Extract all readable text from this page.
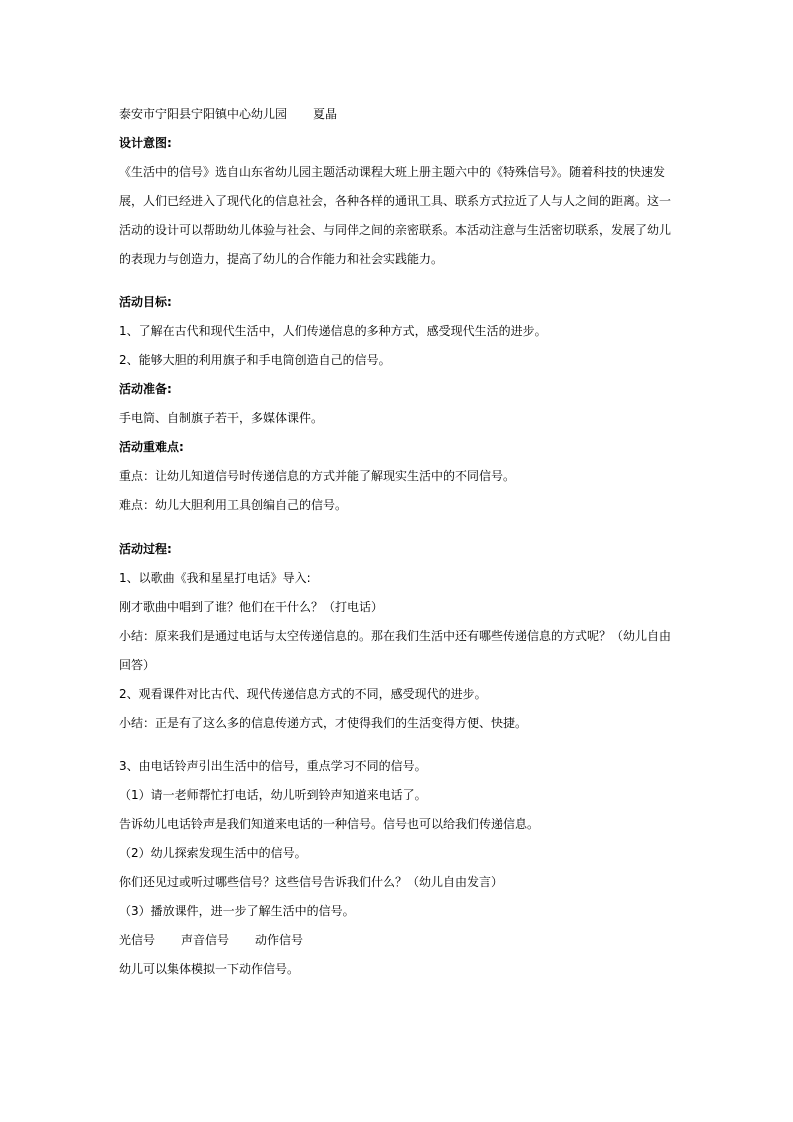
泰安市宁阳县宁阳镇中心幼儿园 夏晶
设计意图:
《生活中的信号》选自山东省幼儿园主题活动课程大班上册主题六中的《特殊信号》。随着科技的快速发
展，人们已经进入了现代化的信息社会，各种各样的通讯工具、联系方式拉近了人与人之间的距离。这一
活动的设计可以帮助幼儿体验与社会、与同伴之间的亲密联系。本活动注意与生活密切联系，发展了幼儿
的表现力与创造力，提高了幼儿的合作能力和社会实践能力。
活动目标:
1、了解在古代和现代生活中，人们传递信息的多种方式，感受现代生活的进步。
2、能够大胆的利用旗子和手电筒创造自己的信号。
活动准备:
手电筒、自制旗子若干，多媒体课件。
活动重难点:
重点：让幼儿知道信号时传递信息的方式并能了解现实生活中的不同信号。
难点：幼儿大胆利用工具创编自己的信号。
活动过程:
1、以歌曲《我和星星打电话》导入:
刚才歌曲中唱到了谁？他们在干什么？（打电话）
小结：原来我们是通过电话与太空传递信息的。那在我们生活中还有哪些传递信息的方式呢？（幼儿自由
回答）
2、观看课件对比古代、现代传递信息方式的不同，感受现代的进步。
小结：正是有了这么多的信息传递方式，才使得我们的生活变得方便、快捷。
3、由电话铃声引出生活中的信号，重点学习不同的信号。
（1）请一老师帮忙打电话，幼儿听到铃声知道来电话了。
告诉幼儿电话铃声是我们知道来电话的一种信号。信号也可以给我们传递信息。
（2）幼儿探索发现生活中的信号。
你们还见过或听过哪些信号？这些信号告诉我们什么？（幼儿自由发言）
（3）播放课件，进一步了解生活中的信号。
光信号 声音信号 动作信号
幼儿可以集体模拟一下动作信号。
